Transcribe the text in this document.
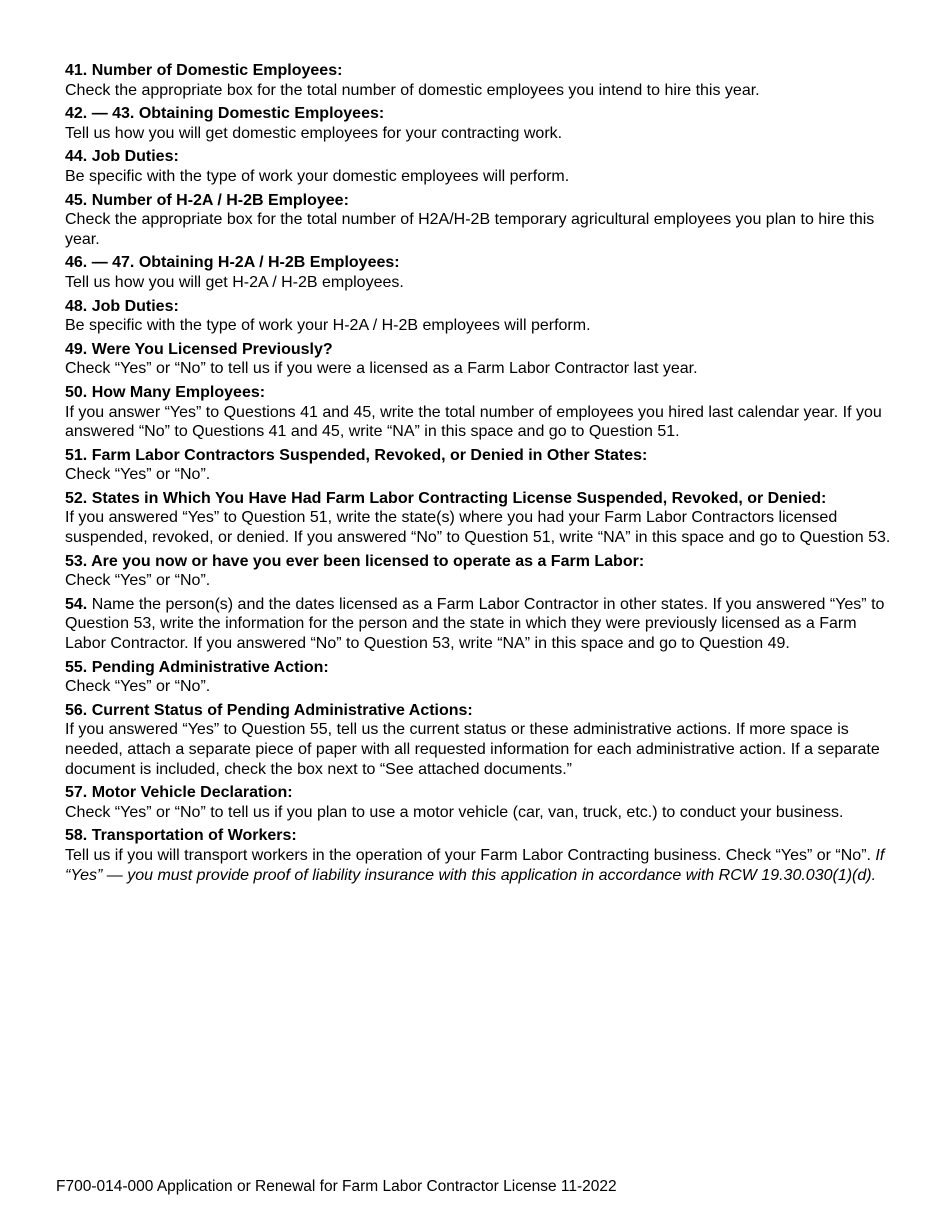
41. Number of Domestic Employees:
Check the appropriate box for the total number of domestic employees you intend to hire this year.
42. — 43. Obtaining Domestic Employees:
Tell us how you will get domestic employees for your contracting work.
44. Job Duties:
Be specific with the type of work your domestic employees will perform.
45. Number of H-2A / H-2B Employee:
Check the appropriate box for the total number of H2A/H-2B temporary agricultural employees you plan to hire this year.
46. — 47. Obtaining H-2A / H-2B Employees:
Tell us how you will get H-2A / H-2B employees.
48. Job Duties:
Be specific with the type of work your H-2A / H-2B employees will perform.
49. Were You Licensed Previously?
Check “Yes” or “No” to tell us if you were a licensed as a Farm Labor Contractor last year.
50. How Many Employees:
If you answer “Yes” to Questions 41 and 45, write the total number of employees you hired last calendar year. If you answered “No” to Questions 41 and 45, write “NA” in this space and go to Question 51.
51. Farm Labor Contractors Suspended, Revoked, or Denied in Other States:
Check “Yes” or “No”.
52. States in Which You Have Had Farm Labor Contracting License Suspended, Revoked, or Denied:
If you answered “Yes” to Question 51, write the state(s) where you had your Farm Labor Contractors licensed suspended, revoked, or denied. If you answered “No” to Question 51, write “NA” in this space and go to Question 53.
53. Are you now or have you ever been licensed to operate as a Farm Labor:
Check “Yes” or “No”.
54. Name the person(s) and the dates licensed as a Farm Labor Contractor in other states. If you answered “Yes” to Question 53, write the information for the person and the state in which they were previously licensed as a Farm Labor Contractor. If you answered “No” to Question 53, write “NA” in this space and go to Question 49.
55. Pending Administrative Action:
Check “Yes” or “No”.
56. Current Status of Pending Administrative Actions:
If you answered “Yes” to Question 55, tell us the current status or these administrative actions. If more space is needed, attach a separate piece of paper with all requested information for each administrative action. If a separate document is included, check the box next to “See attached documents.”
57. Motor Vehicle Declaration:
Check “Yes” or “No” to tell us if you plan to use a motor vehicle (car, van, truck, etc.) to conduct your business.
58. Transportation of Workers:
Tell us if you will transport workers in the operation of your Farm Labor Contracting business. Check “Yes” or “No”. If “Yes” — you must provide proof of liability insurance with this application in accordance with RCW 19.30.030(1)(d).
F700-014-000 Application or Renewal for Farm Labor Contractor License 11-2022
